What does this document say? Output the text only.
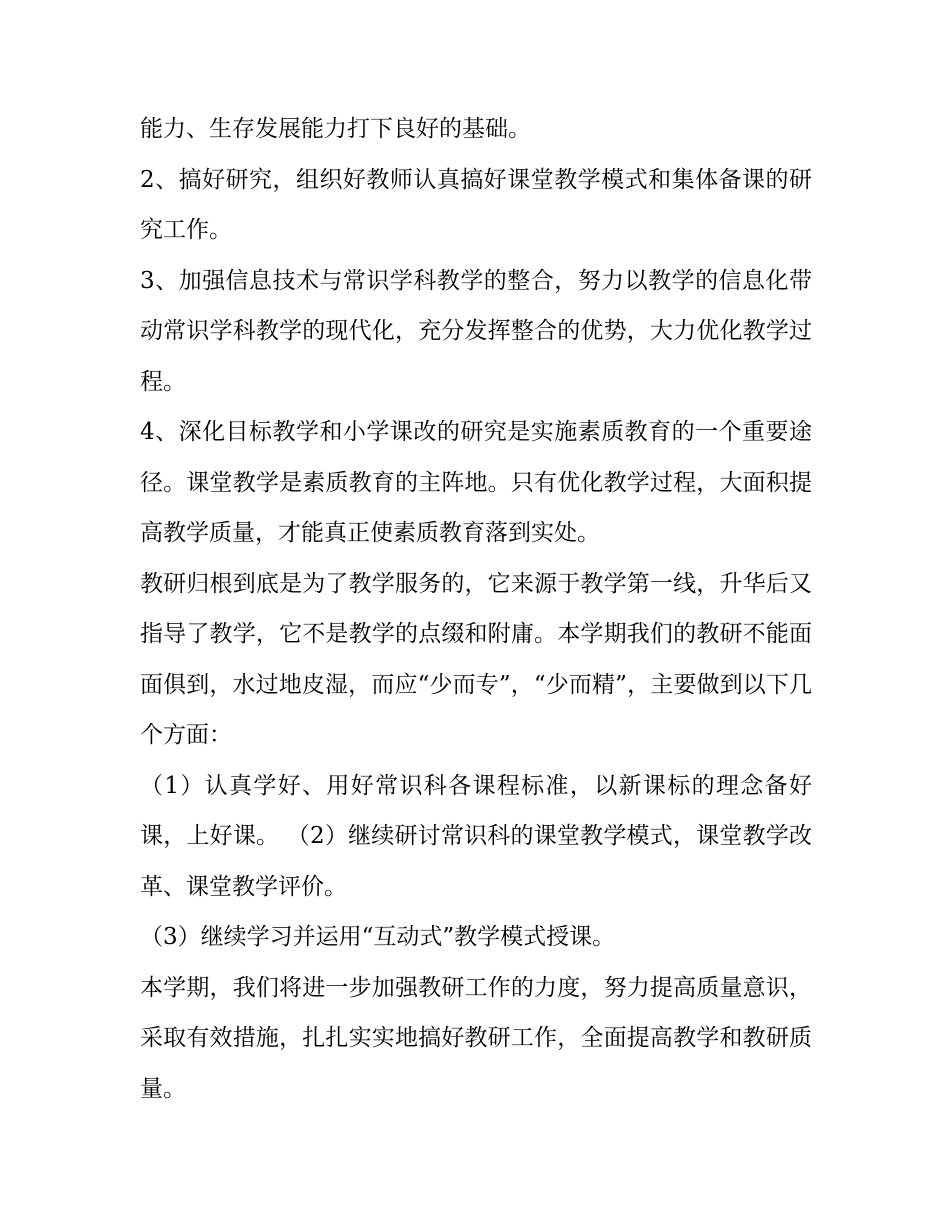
能力、生存发展能力打下良好的基础。

2、搞好研究，组织好教师认真搞好课堂教学模式和集体备课的研究工作。

3、加强信息技术与常识学科教学的整合，努力以教学的信息化带动常识学科教学的现代化，充分发挥整合的优势，大力优化教学过程。

4、深化目标教学和小学课改的研究是实施素质教育的一个重要途径。课堂教学是素质教育的主阵地。只有优化教学过程，大面积提高教学质量，才能真正使素质教育落到实处。

教研归根到底是为了教学服务的，它来源于教学第一线，升华后又指导了教学，它不是教学的点缀和附庸。本学期我们的教研不能面面俱到，水过地皮湿，而应“少而专”，“少而精”，主要做到以下几个方面：

（1）认真学好、用好常识科各课程标准，以新课标的理念备好课，上好课。 （2）继续研讨常识科的课堂教学模式，课堂教学改革、课堂教学评价。

（3）继续学习并运用“互动式”教学模式授课。

本学期，我们将进一步加强教研工作的力度，努力提高质量意识，采取有效措施，扎扎实实地搞好教研工作，全面提高教学和教研质量。
